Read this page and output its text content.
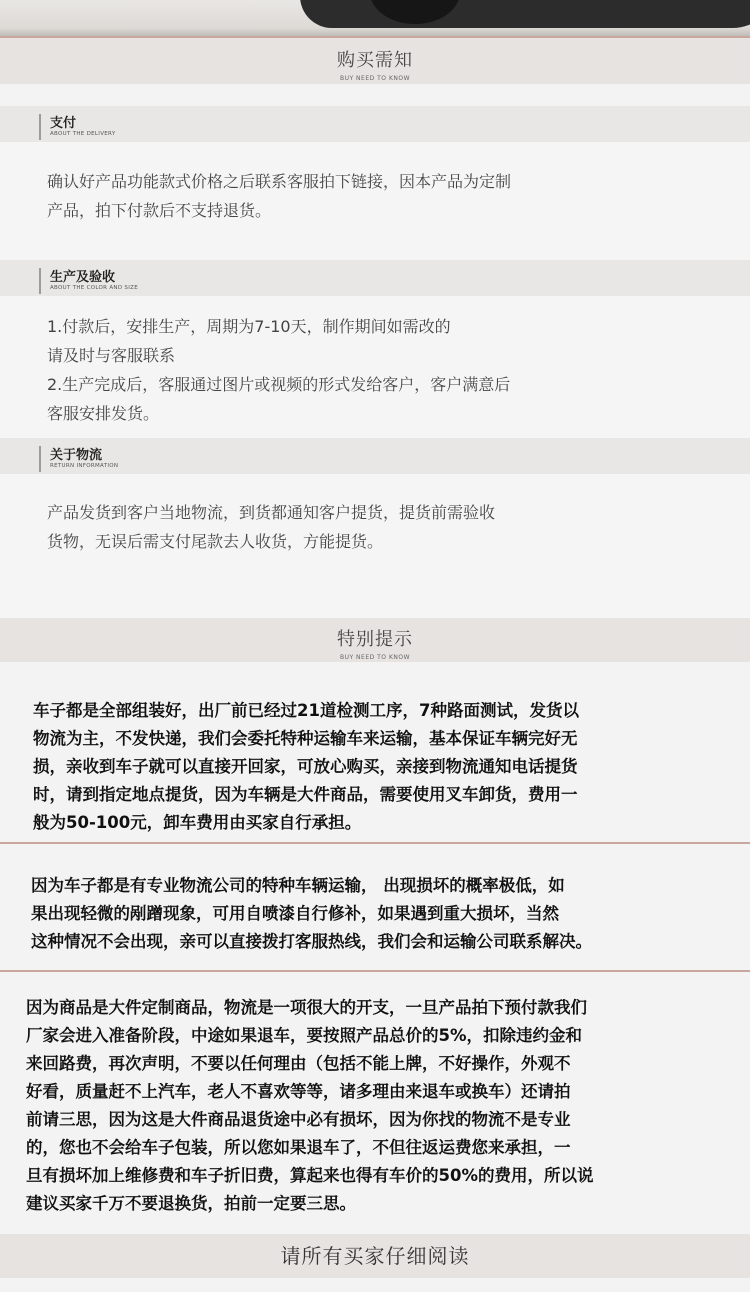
购买需知
BUY NEED TO KNOW
支付
ABOUT THE DELIVERY
确认好产品功能款式价格之后联系客服拍下链接，因本产品为定制
产品，拍下付款后不支持退货。
生产及验收
ABOUT THE COLOR AND SIZE
1.付款后，安排生产，周期为7-10天，制作期间如需改的
请及时与客服联系
2.生产完成后，客服通过图片或视频的形式发给客户，客户满意后
客服安排发货。
关于物流
RETURN INFORMATION
产品发货到客户当地物流，到货都通知客户提货，提货前需验收
货物，无误后需支付尾款去人收货，方能提货。
特别提示
BUY NEED TO KNOW
车子都是全部组装好，出厂前已经过21道检测工序，7种路面测试，发货以
物流为主，不发快递，我们会委托特种运输车来运输，基本保证车辆完好无
损，亲收到车子就可以直接开回家，可放心购买，亲接到物流通知电话提货
时，请到指定地点提货，因为车辆是大件商品，需要使用叉车卸货，费用一
般为50-100元，卸车费用由买家自行承担。
因为车子都是有专业物流公司的特种车辆运输， 出现损坏的概率极低，如
果出现轻微的剐蹭现象，可用自喷漆自行修补，如果遇到重大损坏，当然
这种情况不会出现，亲可以直接拨打客服热线，我们会和运输公司联系解决。
因为商品是大件定制商品，物流是一项很大的开支，一旦产品拍下预付款我们
厂家会进入准备阶段，中途如果退车，要按照产品总价的5%，扣除违约金和
来回路费，再次声明，不要以任何理由（包括不能上牌，不好操作，外观不
好看，质量赶不上汽车，老人不喜欢等等，诸多理由来退车或换车）还请拍
前请三思，因为这是大件商品退货途中必有损坏，因为你找的物流不是专业
的，您也不会给车子包装，所以您如果退车了，不但往返运费您来承担，一
旦有损坏加上维修费和车子折旧费，算起来也得有车价的50%的费用，所以说
建议买家千万不要退换货，拍前一定要三思。
请所有买家仔细阅读
